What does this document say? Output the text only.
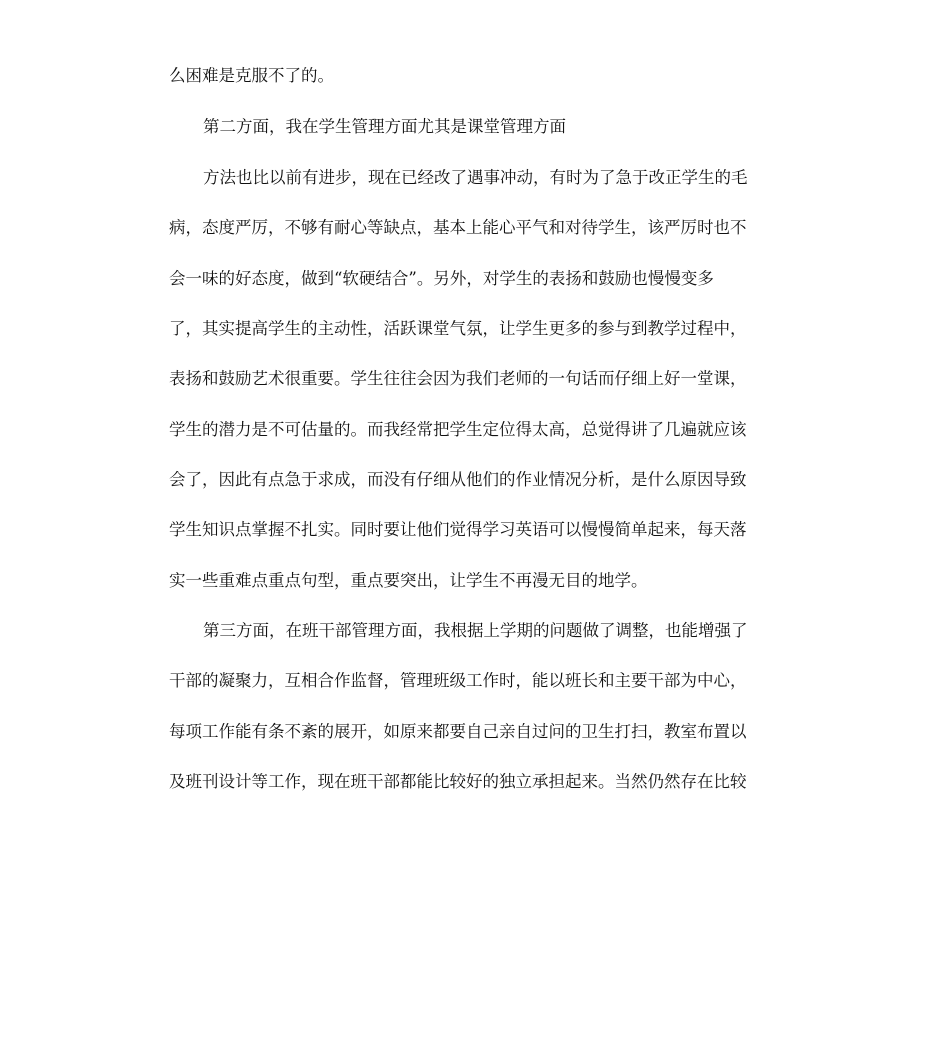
么困难是克服不了的。
第二方面，我在学生管理方面尤其是课堂管理方面
方法也比以前有进步，现在已经改了遇事冲动，有时为了急于改正学生的毛
病，态度严厉，不够有耐心等缺点，基本上能心平气和对待学生，该严厉时也不
会一味的好态度，做到“软硬结合”。另外，对学生的表扬和鼓励也慢慢变多
了，其实提高学生的主动性，活跃课堂气氛，让学生更多的参与到教学过程中，
表扬和鼓励艺术很重要。学生往往会因为我们老师的一句话而仔细上好一堂课，
学生的潜力是不可估量的。而我经常把学生定位得太高，总觉得讲了几遍就应该
会了，因此有点急于求成，而没有仔细从他们的作业情况分析，是什么原因导致
学生知识点掌握不扎实。同时要让他们觉得学习英语可以慢慢简单起来，每天落
实一些重难点重点句型，重点要突出，让学生不再漫无目的地学。
第三方面，在班干部管理方面，我根据上学期的问题做了调整，也能增强了
干部的凝聚力，互相合作监督，管理班级工作时，能以班长和主要干部为中心，
每项工作能有条不紊的展开，如原来都要自己亲自过问的卫生打扫，教室布置以
及班刊设计等工作，现在班干部都能比较好的独立承担起来。当然仍然存在比较
